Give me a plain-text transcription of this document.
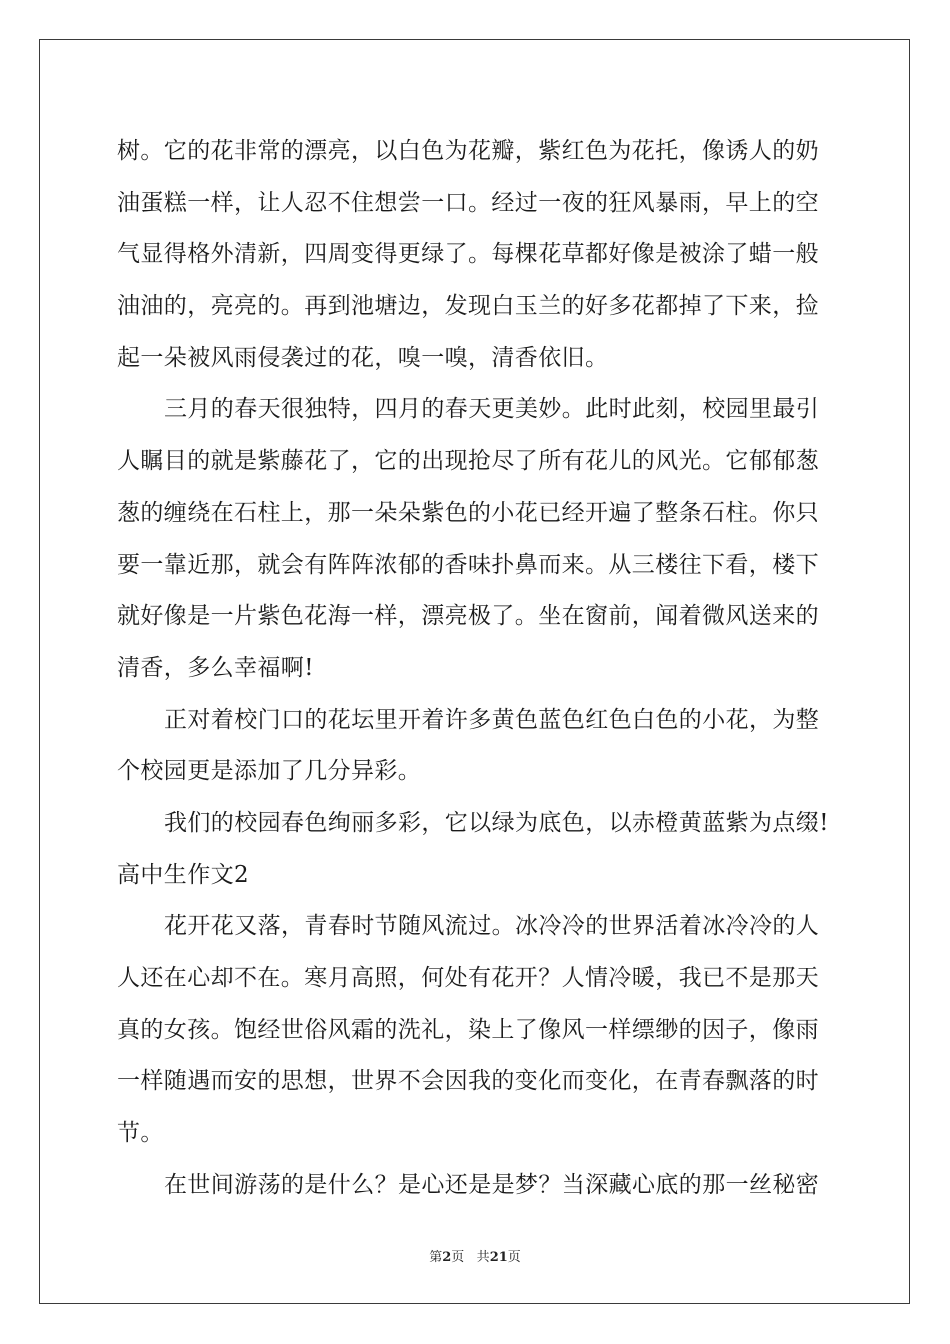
树。它的花非常的漂亮，以白色为花瓣，紫红色为花托，像诱人的奶
油蛋糕一样，让人忍不住想尝一口。经过一夜的狂风暴雨，早上的空
气显得格外清新，四周变得更绿了。每棵花草都好像是被涂了蜡一般
油油的，亮亮的。再到池塘边，发现白玉兰的好多花都掉了下来，捡
起一朵被风雨侵袭过的花，嗅一嗅，清香依旧。
三月的春天很独特，四月的春天更美妙。此时此刻，校园里最引
人瞩目的就是紫藤花了，它的出现抢尽了所有花儿的风光。它郁郁葱
葱的缠绕在石柱上，那一朵朵紫色的小花已经开遍了整条石柱。你只
要一靠近那，就会有阵阵浓郁的香味扑鼻而来。从三楼往下看，楼下
就好像是一片紫色花海一样，漂亮极了。坐在窗前，闻着微风送来的
清香，多么幸福啊!
正对着校门口的花坛里开着许多黄色蓝色红色白色的小花，为整
个校园更是添加了几分异彩。
我们的校园春色绚丽多彩，它以绿为底色，以赤橙黄蓝紫为点缀!
高中生作文2
花开花又落，青春时节随风流过。冰冷冷的世界活着冰冷冷的人
人还在心却不在。寒月高照，何处有花开？人情冷暖，我已不是那天
真的女孩。饱经世俗风霜的洗礼，染上了像风一样缥缈的因子，像雨
一样随遇而安的思想，世界不会因我的变化而变化，在青春飘落的时
节。
在世间游荡的是什么？是心还是是梦？当深藏心底的那一丝秘密
第2页 共21页
